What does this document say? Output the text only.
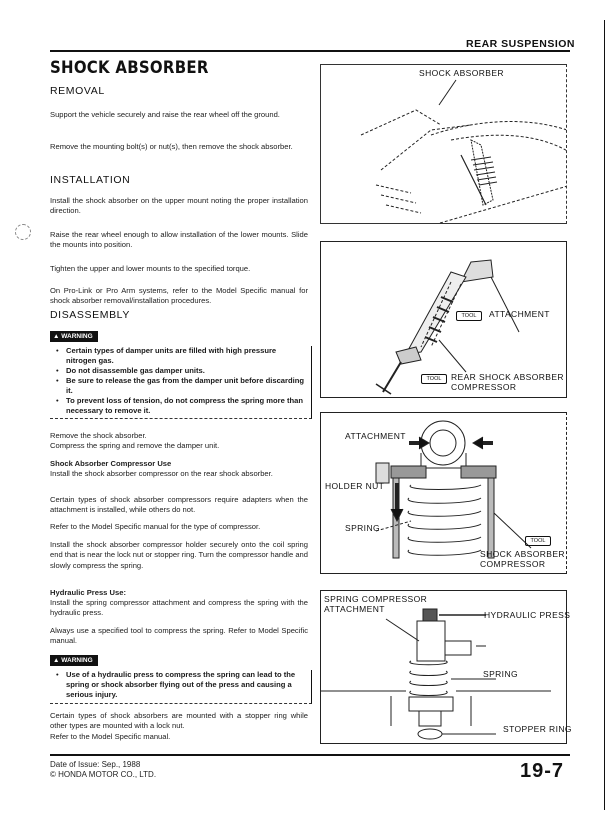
REAR SUSPENSION
SHOCK ABSORBER
REMOVAL
Support the vehicle securely and raise the rear wheel off the ground.
Remove the mounting bolt(s) or nut(s), then remove the shock absorber.
INSTALLATION
Install the shock absorber on the upper mount noting the proper installation direction.
Raise the rear wheel enough to allow installation of the lower mounts. Slide the mounts into position.
Tighten the upper and lower mounts to the specified torque.
On Pro-Link or Pro Arm systems, refer to the Model Specific manual for shock absorber removal/installation procedures.
DISASSEMBLY
▲ WARNING
• Certain types of damper units are filled with high pressure nitrogen gas.
• Do not disassemble gas damper units.
• Be sure to release the gas from the damper unit before discarding it.
• To prevent loss of tension, do not compress the spring more than necessary to remove it.
Remove the shock absorber.
Compress the spring and remove the damper unit.
Shock Absorber Compressor Use
Install the shock absorber compressor on the rear shock absorber.
Certain types of shock absorber compressors require adapters when the attachment is installed, while others do not.
Refer to the Model Specific manual for the type of compressor.
Install the shock absorber compressor holder securely onto the coil spring end that is near the lock nut or stopper ring. Turn the compressor handle and slowly compress the spring.
Hydraulic Press Use:
Install the spring compressor attachment and compress the spring with the hydraulic press.
Always use a specified tool to compress the spring. Refer to Model Specific manual.
▲ WARNING
• Use of a hydraulic press to compress the spring can lead to the spring or shock absorber flying out of the press and causing a serious injury.
Certain types of shock absorbers are mounted with a stopper ring while other types are mounted with a lock nut.
Refer to the Model Specific manual.
SHOCK ABSORBER
TOOL	ATTACHMENT
TOOL	REAR SHOCK ABSORBER
COMPRESSOR
ATTACHMENT
HOLDER NUT
SPRING
TOOL
SHOCK ABSORBER
COMPRESSOR
SPRING COMPRESSOR
ATTACHMENT
HYDRAULIC PRESS
SPRING
STOPPER RING
Date of Issue: Sep., 1988
© HONDA MOTOR CO., LTD.	19-7
